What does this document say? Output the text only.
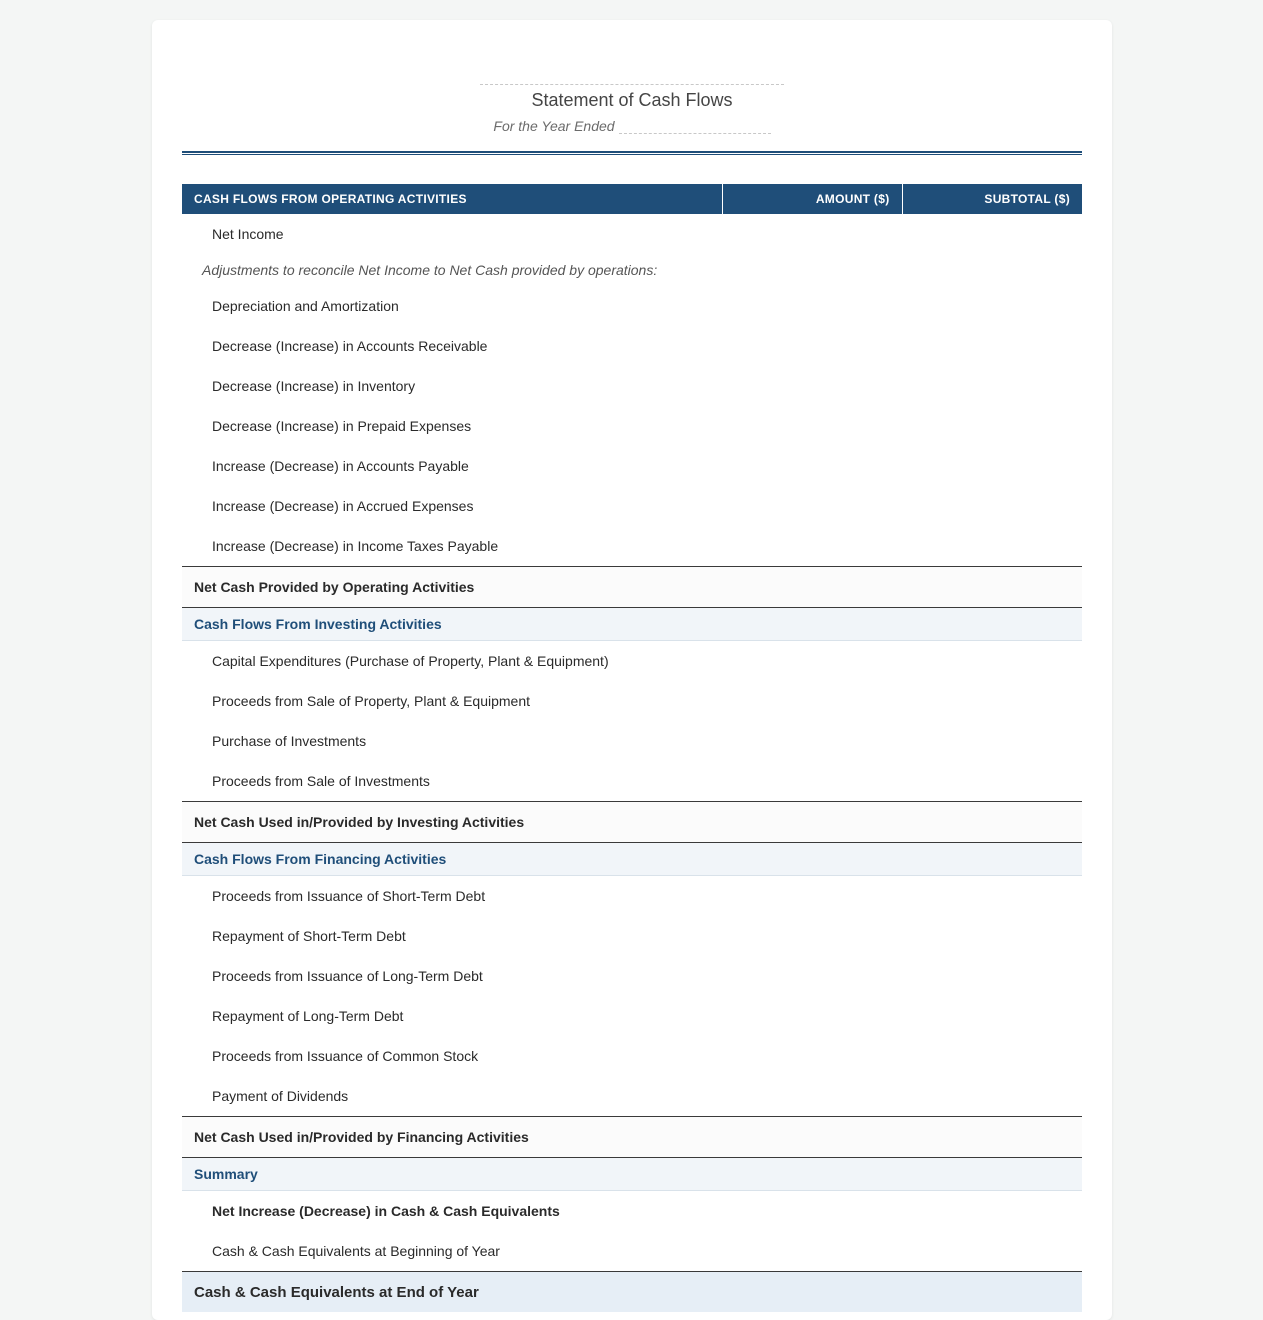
Statement of Cash Flows
For the Year Ended
CASH FLOWS FROM OPERATING ACTIVITIES	AMOUNT ($)	SUBTOTAL ($)
Net Income		
Adjustments to reconcile Net Income to Net Cash provided by operations:		
Depreciation and Amortization		
Decrease (Increase) in Accounts Receivable		
Decrease (Increase) in Inventory		
Decrease (Increase) in Prepaid Expenses		
Increase (Decrease) in Accounts Payable		
Increase (Decrease) in Accrued Expenses		
Increase (Decrease) in Income Taxes Payable		
Net Cash Provided by Operating Activities		
Cash Flows From Investing Activities		
Capital Expenditures (Purchase of Property, Plant & Equipment)		
Proceeds from Sale of Property, Plant & Equipment		
Purchase of Investments		
Proceeds from Sale of Investments		
Net Cash Used in/Provided by Investing Activities		
Cash Flows From Financing Activities		
Proceeds from Issuance of Short-Term Debt		
Repayment of Short-Term Debt		
Proceeds from Issuance of Long-Term Debt		
Repayment of Long-Term Debt		
Proceeds from Issuance of Common Stock		
Payment of Dividends		
Net Cash Used in/Provided by Financing Activities		
Summary		
Net Increase (Decrease) in Cash & Cash Equivalents		
Cash & Cash Equivalents at Beginning of Year		
Cash & Cash Equivalents at End of Year		
